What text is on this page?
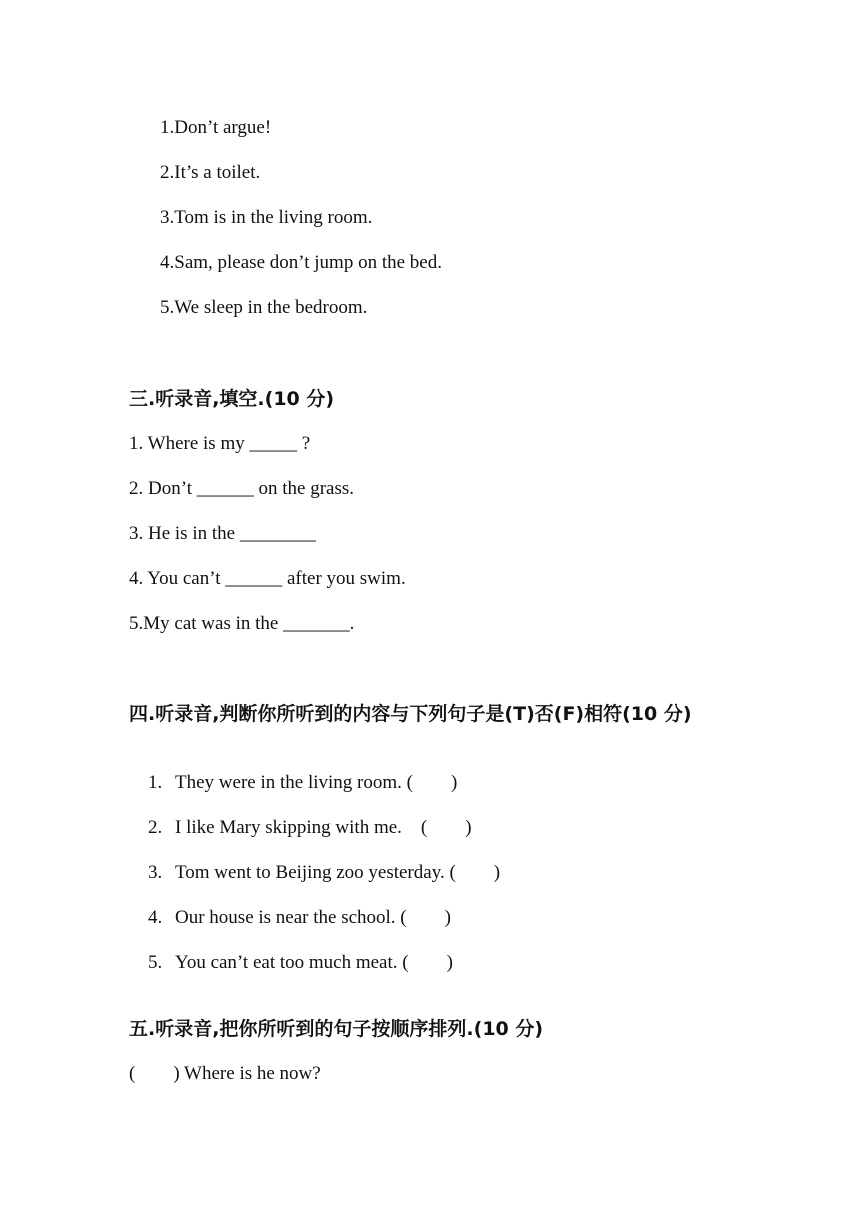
1.Don’t argue!
2.It’s a toilet.
3.Tom is in the living room.
4.Sam, please don’t jump on the bed.
5.We sleep in the bedroom.
三.听录音,填空.(10 分)
1. Where is my _____ ?
2. Don’t ______ on the grass.
3. He is in the ________
4. You can’t ______ after you swim.
5.My cat was in the _______.
四.听录音,判断你所听到的内容与下列句子是(T)否(F)相符(10 分)

1. They were in the living room. (        )

2. I like Mary skipping with me.    (        )

3. Tom went to Beijing zoo yesterday. (        )

4. Our house is near the school. (        )

5. You can’t eat too much meat. (        )

五.听录音,把你所听到的句子按顺序排列.(10 分)
(        ) Where is he now?
